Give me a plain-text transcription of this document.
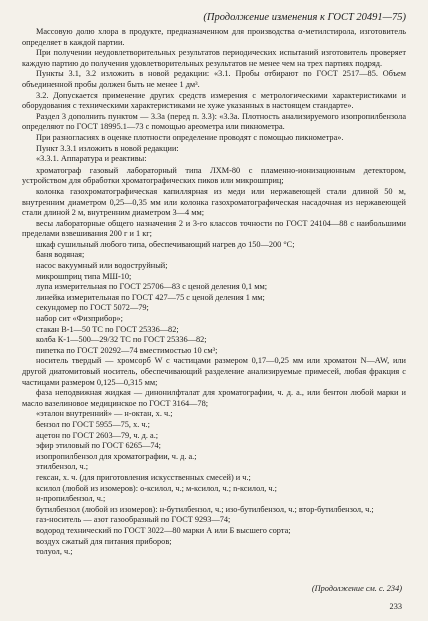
(Продолжение изменения к ГОСТ 20491—75)

Массовую долю хлора в продукте, предназначенном для производства α-метилстирола, изготовитель определяет в каждой партии.

При получении неудовлетворительных результатов периодических испытаний изготовитель проверяет каждую партию до получения удовлетворительных результатов не менее чем на трех партиях подряд.

Пункты 3.1, 3.2 изложить в новой редакции: «3.1. Пробы отбирают по ГОСТ 2517—85. Объем объединенной пробы должен быть не менее 1 дм³.

3.2. Допускается применение других средств измерения с метрологическими характеристиками и оборудования с техническими характеристиками не хуже указанных в настоящем стандарте».

Раздел 3 дополнить пунктом — 3.3а (перед п. 3.3): «3.3а. Плотность анализируемого изопропилбензола определяют по ГОСТ 18995.1—73 с помощью ареометра или пикнометра.

При разногласиях в оценке плотности определение проводят с помощью пикнометра».

Пункт 3.3.1 изложить в новой редакции:

«3.3.1. Аппаратура и реактивы:

хроматограф газовый лабораторный типа ЛХМ-80 с пламенно-ионизационным детектором, устройством для обработки хроматографических пиков или микрошприц;

колонка газохроматографическая капиллярная из меди или нержавеющей стали длиной 50 м, внутренним диаметром 0,25—0,35 мм или колонка газохроматографическая насадочная из нержавеющей стали длиной 2 м, внутренним диаметром 3—4 мм;

весы лабораторные общего назначения 2 и 3-го классов точности по ГОСТ 24104—88 с наибольшими пределами взвешивания 200 г и 1 кг;

шкаф сушильный любого типа, обеспечивающий нагрев до 150—200 °С;

баня водяная;

насос вакуумный или водоструйный;

микрошприц типа МШ-10;

лупа измерительная по ГОСТ 25706—83 с ценой деления 0,1 мм;

линейка измерительная по ГОСТ 427—75 с ценой деления 1 мм;

секундомер по ГОСТ 5072—79;

набор сит «Физприбор»;

стакан В-1—50 ТС по ГОСТ 25336—82;

колба К-1—500—29/32 ТС по ГОСТ 25336—82;

пипетка по ГОСТ 20292—74 вместимостью 10 см³;

носитель твердый — хромсорб W с частицами размером 0,17—0,25 мм или хроматон N—AW, или другой диатомитовый носитель, обеспечивающий разделение анализируемые примесей, любая фракция с частицами размером 0,125—0,315 мм;

фаза неподвижная жидкая — динонилфталат для хроматографии, ч. д. а., или бентон любой марки и масло вазелиновое медицинское по ГОСТ 3164—78;

«эталон внутренний» — н-октан, х. ч.;

бензол по ГОСТ 5955—75, х. ч.;

ацетон по ГОСТ 2603—79, ч. д. а.;

эфир этиловый по ГОСТ 6265—74;

изопропилбензол для хроматографии, ч. д. а.;

этилбензол, ч.;

гексан, х. ч. (для приготовления искусственных смесей) и ч.;

ксилол (любой из изомеров): о-ксилол, ч.; м-ксилол, ч.; n-ксилол, ч.;

н-пропилбензол, ч.;

бутилбензол (любой из изомеров): н-бутилбензол, ч.; изо-бутилбензол, ч.; втор-бутилбензол, ч.;

газ-носитель — азот газообразный по ГОСТ 9293—74;

водород технический по ГОСТ 3022—80 марки А или Б высшего сорта;

воздух сжатый для питания приборов;

толуол, ч.;

(Продолжение см. с. 234)
233
